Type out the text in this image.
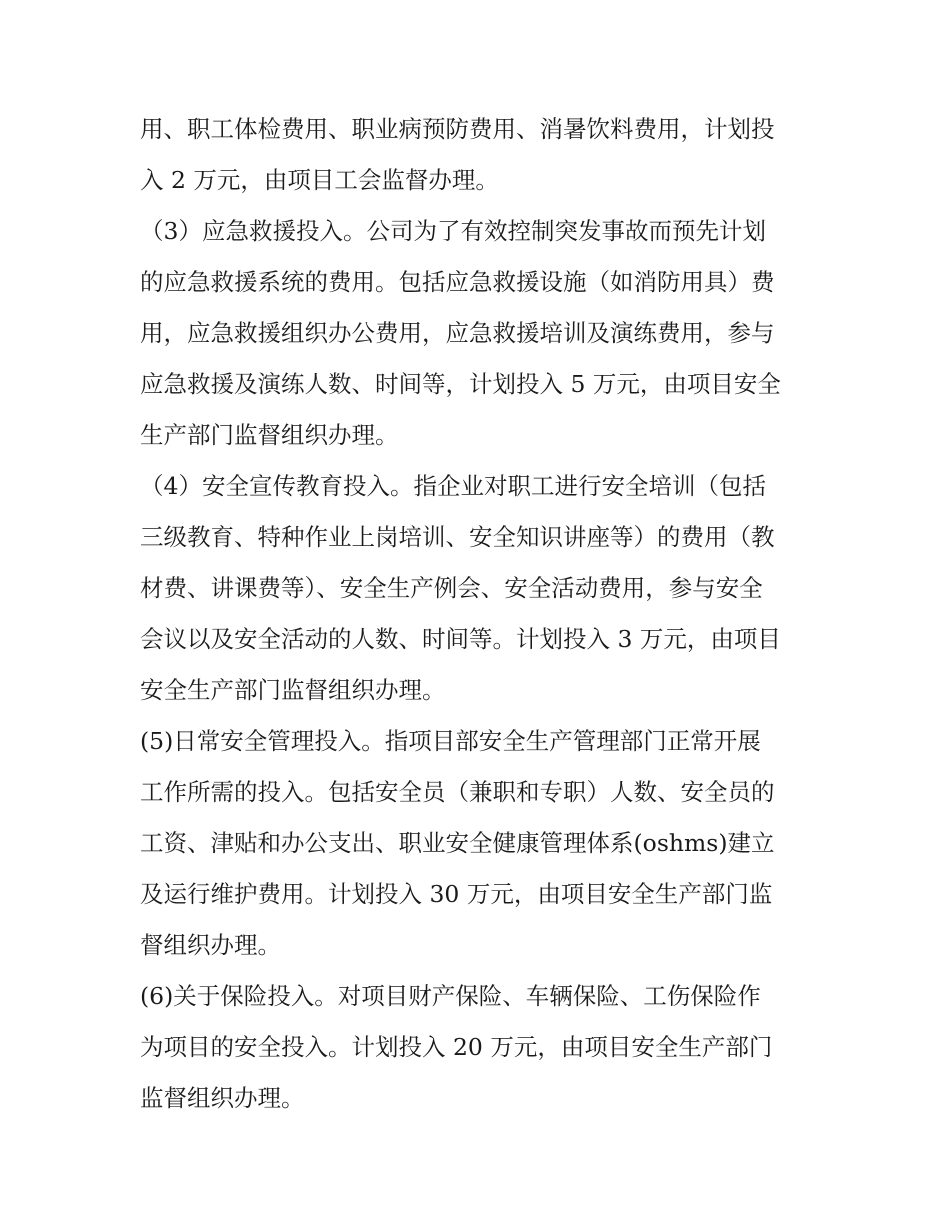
用、职工体检费用、职业病预防费用、消暑饮料费用，计划投
入 2 万元，由项目工会监督办理。
（3）应急救援投入。公司为了有效控制突发事故而预先计划
的应急救援系统的费用。包括应急救援设施（如消防用具）费
用，应急救援组织办公费用，应急救援培训及演练费用，参与
应急救援及演练人数、时间等，计划投入 5 万元，由项目安全
生产部门监督组织办理。
（4）安全宣传教育投入。指企业对职工进行安全培训（包括
三级教育、特种作业上岗培训、安全知识讲座等）的费用（教
材费、讲课费等）、安全生产例会、安全活动费用，参与安全
会议以及安全活动的人数、时间等。计划投入 3 万元，由项目
安全生产部门监督组织办理。
(5)日常安全管理投入。指项目部安全生产管理部门正常开展
工作所需的投入。包括安全员（兼职和专职）人数、安全员的
工资、津贴和办公支出、职业安全健康管理体系(oshms)建立
及运行维护费用。计划投入 30 万元，由项目安全生产部门监
督组织办理。
(6)关于保险投入。对项目财产保险、车辆保险、工伤保险作
为项目的安全投入。计划投入 20 万元，由项目安全生产部门
监督组织办理。
